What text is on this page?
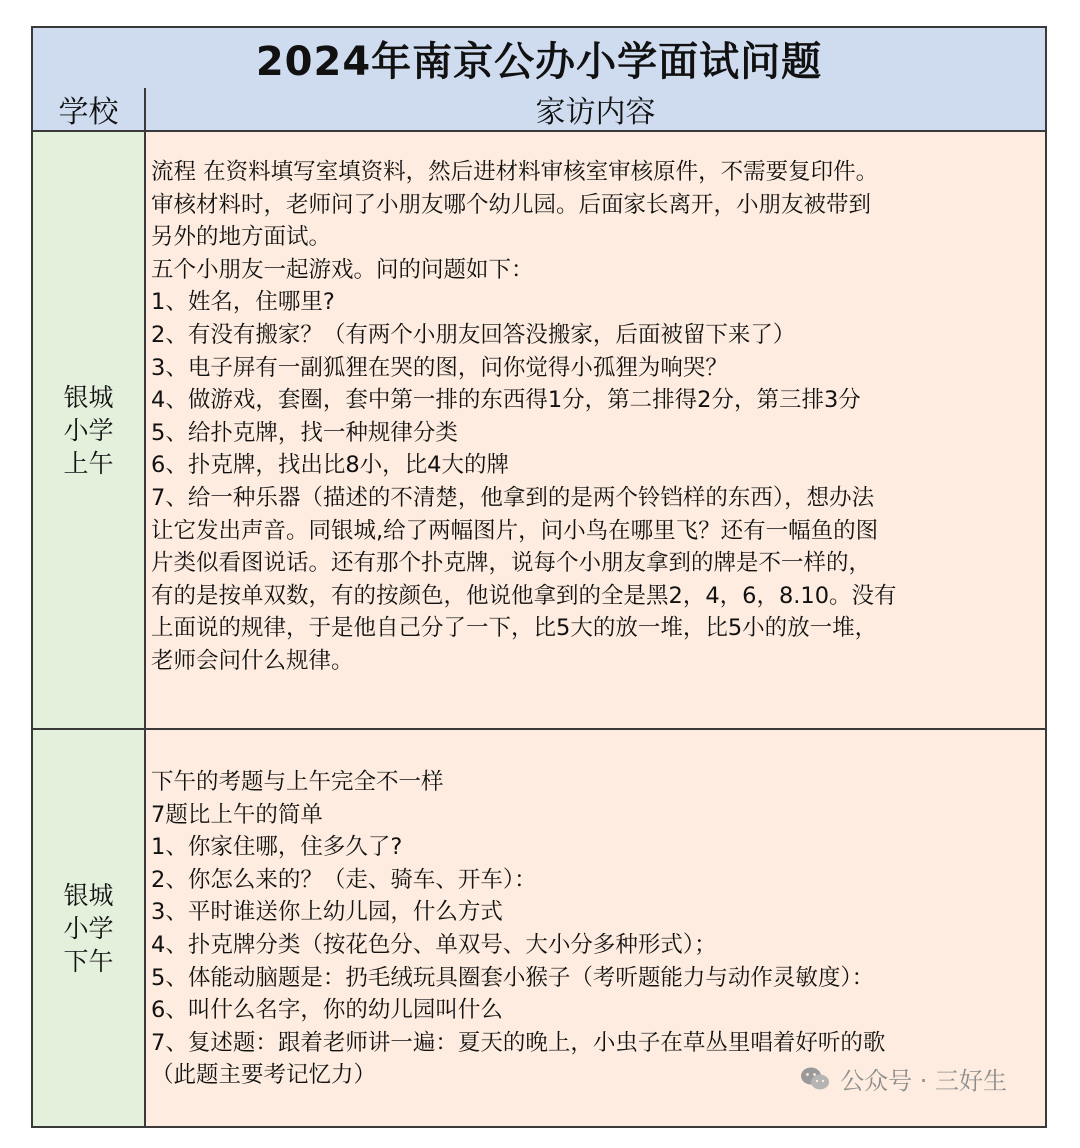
2024年南京公办小学面试问题
学校	家访内容
银城小学上午
流程 在资料填写室填资料，然后进材料审核室审核原件，不需要复印件。
审核材料时，老师问了小朋友哪个幼儿园。后面家长离开，小朋友被带到
另外的地方面试。
五个小朋友一起游戏。问的问题如下：
1、姓名，住哪里?
2、有没有搬家？（有两个小朋友回答没搬家，后面被留下来了）
3、电子屏有一副狐狸在哭的图，问你觉得小孤狸为响哭？
4、做游戏，套圈，套中第一排的东西得1分，第二排得2分，第三排3分
5、给扑克牌，找一种规律分类
6、扑克牌，找出比8小，比4大的牌
7、给一种乐器（描述的不清楚，他拿到的是两个铃铛样的东西），想办法
让它发出声音。同银城,给了两幅图片，问小鸟在哪里飞？还有一幅鱼的图
片类似看图说话。还有那个扑克牌，说每个小朋友拿到的牌是不一样的，
有的是按单双数，有的按颜色，他说他拿到的全是黑2，4，6，8.10。没有
上面说的规律，于是他自己分了一下，比5大的放一堆，比5小的放一堆，
老师会问什么规律。
银城小学下午
下午的考题与上午完全不一样
7题比上午的简单
1、你家住哪，住多久了?
2、你怎么来的？（走、骑车、开车）：
3、平时谁送你上幼儿园，什么方式
4、扑克牌分类（按花色分、单双号、大小分多种形式）；
5、体能动脑题是：扔毛绒玩具圈套小猴子（考听题能力与动作灵敏度）：
6、叫什么名字，你的幼儿园叫什么
7、复述题：跟着老师讲一遍：夏天的晚上，小虫子在草丛里唱着好听的歌
（此题主要考记忆力）	公众号 · 三好生
